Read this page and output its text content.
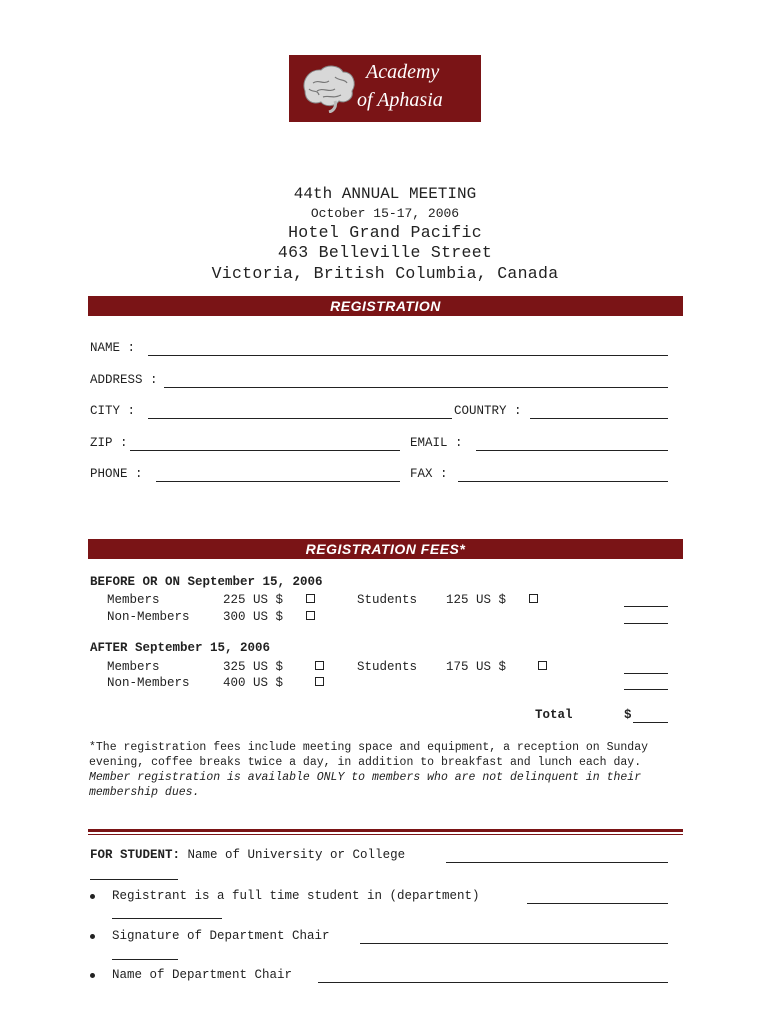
Academy
of Aphasia
44th ANNUAL MEETING
October 15-17, 2006
Hotel Grand Pacific
463 Belleville Street
Victoria, British Columbia, Canada
REGISTRATION
NAME :
ADDRESS :
CITY :	COUNTRY :
ZIP :	EMAIL :
PHONE :	FAX :
REGISTRATION FEES*
BEFORE OR ON September 15, 2006
Members	225 US $	Students 125 US $
Non-Members	300 US $
AFTER September 15, 2006
Members	325 US $	Students 175 US $
Non-Members	400 US $
Total	$
*The registration fees include meeting space and equipment, a reception on Sunday evening, coffee breaks twice a day, in addition to breakfast and lunch each day. Member registration is available ONLY to members who are not delinquent in their membership dues.
FOR STUDENT: Name of University or College
Registrant is a full time student in (department)
Signature of Department Chair
Name of Department Chair
